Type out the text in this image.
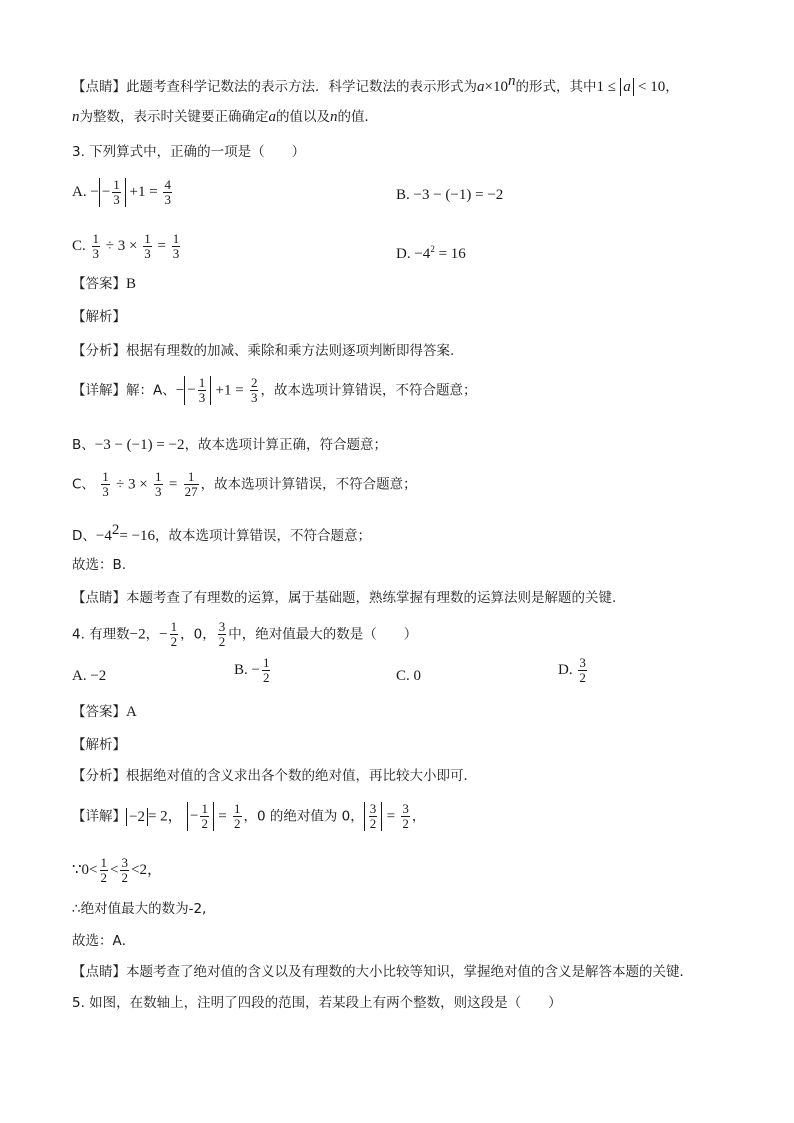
【点睛】此题考查科学记数法的表示方法．科学记数法的表示形式为$a\times 10^n$的形式，其中1 ≤ a < 10，
n为整数，表示时关键要正确确定a的值以及n的值．
3. 下列算式中，正确的一项是（　　）
A. − − $\frac{1}{3} +1 = \frac{4}{3}$	B. −3 − (−1) = −2
C. $\frac{1}{3} \div 3 \times \frac{1}{3} = \frac{1}{3}$	D. $-4^2 = 16$
【答案】B
【解析】
【分析】根据有理数的加减、乘除和乘方法则逐项判断即得答案.
【详解】解：A、− − $\frac{1}{3} +1 = \frac{2}{3}$ ，故本选项计算错误，不符合题意；
B、−3 − (−1) = −2，故本选项计算正确，符合题意；
C、 $\frac{1}{3} \div 3 \times \frac{1}{3} = \frac{1}{27}$ ，故本选项计算错误，不符合题意；
D、$-4^2= -16$，故本选项计算错误，不符合题意；
故选：B.
【点睛】本题考查了有理数的运算，属于基础题，熟练掌握有理数的运算法则是解题的关键.
4. 有理数−2，− $\frac{1}{2}$ ，0， $\frac{3}{2}$ 中，绝对值最大的数是（　　）
A. −2	B. − $\frac{1}{2}$	C. 0	D. $\frac{3}{2}$
【答案】A
【解析】
【分析】根据绝对值的含义求出各个数的绝对值，再比较大小即可．
【详解】 −2 = 2， − $\frac{1}{2} = \frac{1}{2}$ ，0 的绝对值为 0， $\frac{3}{2} = \frac{3}{2}$ ，
∵0< $\frac{1}{2} < \frac{3}{2} <2$，
∴绝对值最大的数为-2,
故选：A．
【点睛】本题考查了绝对值的含义以及有理数的大小比较等知识，掌握绝对值的含义是解答本题的关键．
5. 如图，在数轴上，注明了四段的范围，若某段上有两个整数，则这段是（　　）
